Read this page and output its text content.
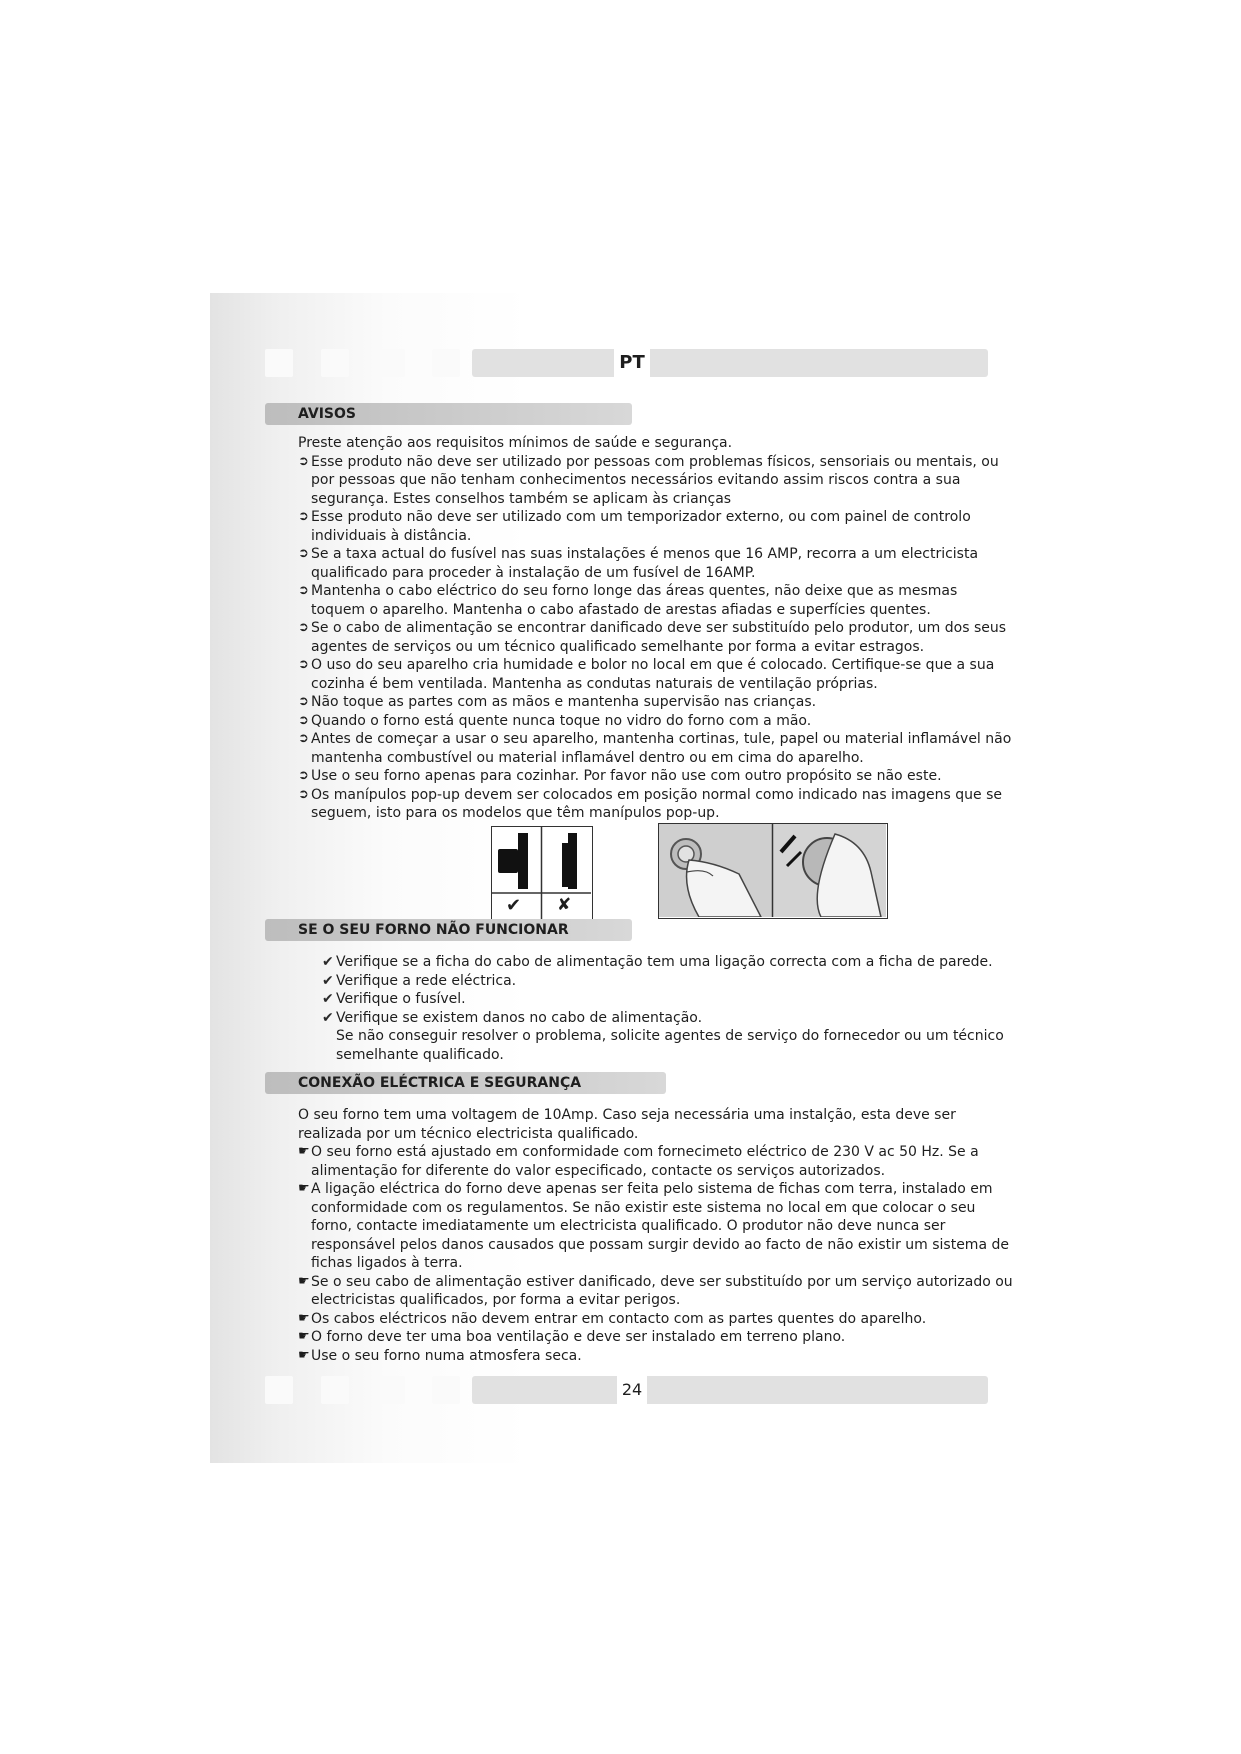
PT
AVISOS

Preste atenção aos requisitos mínimos de saúde e segurança.

➲ Esse produto não deve ser utilizado por pessoas com problemas físicos, sensoriais ou mentais, ou por pessoas que não tenham conhecimentos necessários evitando assim riscos contra a sua segurança. Estes conselhos também se aplicam às crianças
➲ Esse produto não deve ser utilizado com um temporizador externo, ou com painel de controlo individuais à distância.
➲ Se a taxa actual do fusível nas suas instalações é menos que 16 AMP, recorra a um electricista qualificado para proceder à instalação de um fusível de 16AMP.
➲ Mantenha o cabo eléctrico do seu forno longe das áreas quentes, não deixe que as mesmas toquem o aparelho. Mantenha o cabo afastado de arestas afiadas e superfícies quentes.
➲ Se o cabo de alimentação se encontrar danificado deve ser substituído pelo produtor, um dos seus agentes de serviços ou um técnico qualificado semelhante por forma a evitar estragos.
➲ O uso do seu aparelho cria humidade e bolor no local em que é colocado. Certifique-se que a sua cozinha é bem ventilada. Mantenha as condutas naturais de ventilação próprias.
➲ Não toque as partes com as mãos e mantenha supervisão nas crianças.
➲ Quando o forno está quente nunca toque no vidro do forno com a mão.
➲ Antes de começar a usar o seu aparelho, mantenha cortinas, tule, papel ou material inflamável não mantenha combustível ou material inflamável dentro ou em cima do aparelho.
➲ Use o seu forno apenas para cozinhar. Por favor não use com outro propósito se não este.
➲ Os manípulos pop-up devem ser colocados em posição normal como indicado nas imagens que se seguem, isto para os modelos que têm manípulos pop-up.
✔ ✘
SE O SEU FORNO NÃO FUNCIONAR
✔ Verifique se a ficha do cabo de alimentação tem uma ligação correcta com a ficha de parede.
✔ Verifique a rede eléctrica.
✔ Verifique o fusível.
✔ Verifique se existem danos no cabo de alimentação.

Se não conseguir resolver o problema, solicite agentes de serviço do fornecedor ou um técnico semelhante qualificado.

CONEXÃO ELÉCTRICA E SEGURANÇA

O seu forno tem uma voltagem de 10Amp. Caso seja necessária uma instalção, esta deve ser realizada por um técnico electricista qualificado.

☛ O seu forno está ajustado em conformidade com fornecimeto eléctrico de 230 V ac 50 Hz. Se a alimentação for diferente do valor especificado, contacte os serviços autorizados.
☛ A ligação eléctrica do forno deve apenas ser feita pelo sistema de fichas com terra, instalado em conformidade com os regulamentos. Se não existir este sistema no local em que colocar o seu forno, contacte imediatamente um electricista qualificado. O produtor não deve nunca ser responsável pelos danos causados que possam surgir devido ao facto de não existir um sistema de fichas ligados à terra.
☛ Se o seu cabo de alimentação estiver danificado, deve ser substituído por um serviço autorizado ou electricistas qualificados, por forma a evitar perigos.
☛ Os cabos eléctricos não devem entrar em contacto com as partes quentes do aparelho.
☛ O forno deve ter uma boa ventilação e deve ser instalado em terreno plano.
☛ Use o seu forno numa atmosfera seca.
24
